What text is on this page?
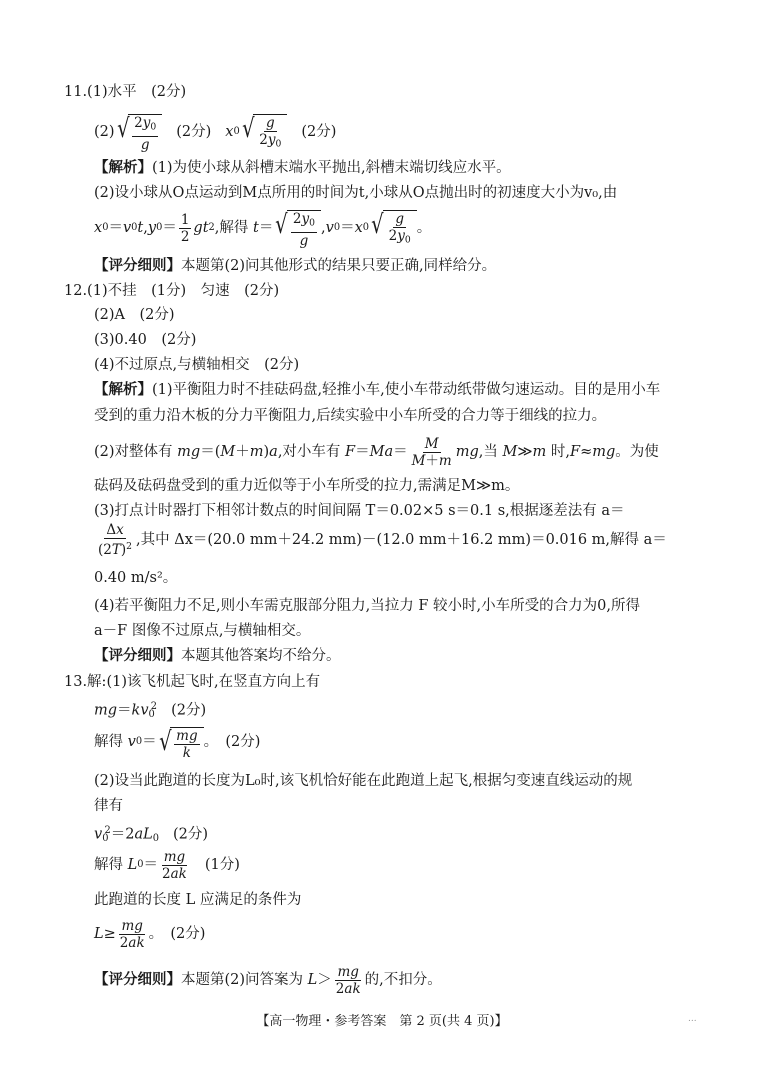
11.(1)水平　(2分)
(2) √ $\frac{2y_0}{g} (2$分) x 0 √ $\frac{g}{2y_0} (2$分)
【解析】(1)为使小球从斜槽末端水平抛出,斜槽末端切线应水平。
(2)设小球从O点运动到M点所用的时间为t,小球从O点抛出时的初速度大小为v₀,由
x 0 ＝ v 0 t , y $0 = \frac{1}{2}$ gt 2 ,解得 t ＝ √ $\frac{2y_0}{g}$ , v 0 ＝ x 0 √ $\frac{g}{2y_0}$ 。
【评分细则】本题第(2)问其他形式的结果只要正确,同样给分。
12.(1)不挂　(1分)　匀速　(2分)
(2)A　(2分)
(3)0.40　(2分)
(4)不过原点,与横轴相交　(2分)
【解析】(1)平衡阻力时不挂砝码盘,轻推小车,使小车带动纸带做匀速运动。目的是用小车
受到的重力沿木板的分力平衡阻力,后续实验中小车所受的合力等于细线的拉力。
(2)对整体有
mg ＝( M ＋ m ) a ,对小车有
$F = Ma = \frac{M}{M+m}$ mg ,当
M ≫ m
时, F ≈ mg 。为使
砝码及砝码盘受到的重力近似等于小车所受的拉力,需满足M≫m。
(3)打点计时器打下相邻计数点的时间间隔 T＝0.02×5 s＝0.1 s,根据逐差法有 a＝
$\frac{\Delta x}{(2T)^2}$ ,其中 Δx＝(20.0 mm＋24.2 mm)－(12.0 mm＋16.2 mm)＝0.016 m,解得 a＝
0.40 m/s²。
(4)若平衡阻力不足,则小车需克服部分阻力,当拉力 F 较小时,小车所受的合力为0,所得
a－F 图像不过原点,与横轴相交。
【评分细则】本题其他答案均不给分。
13.解:(1)该飞机起飞时,在竖直方向上有
$mg=kv_0^2$ (2分)
解得
v 0 ＝ √ $\frac{mg}{k}$ 。　(2分)
(2)设当此跑道的长度为L₀时,该飞机恰好能在此跑道上起飞,根据匀变速直线运动的规
律有
$v_0^2=2aL_0$ (2分)
解得
L $0 = \frac{mg}{2ak} (1$分)
此跑道的长度 L 应满足的条件为
$L \ge \frac{mg}{2ak}$ 。　(2分)
【评分细则】 本题第(2)问答案为
$L > \frac{mg}{2ak}$ 的,不扣分。
【高一物理・参考答案　第 2 页(共 4 页)】	...
